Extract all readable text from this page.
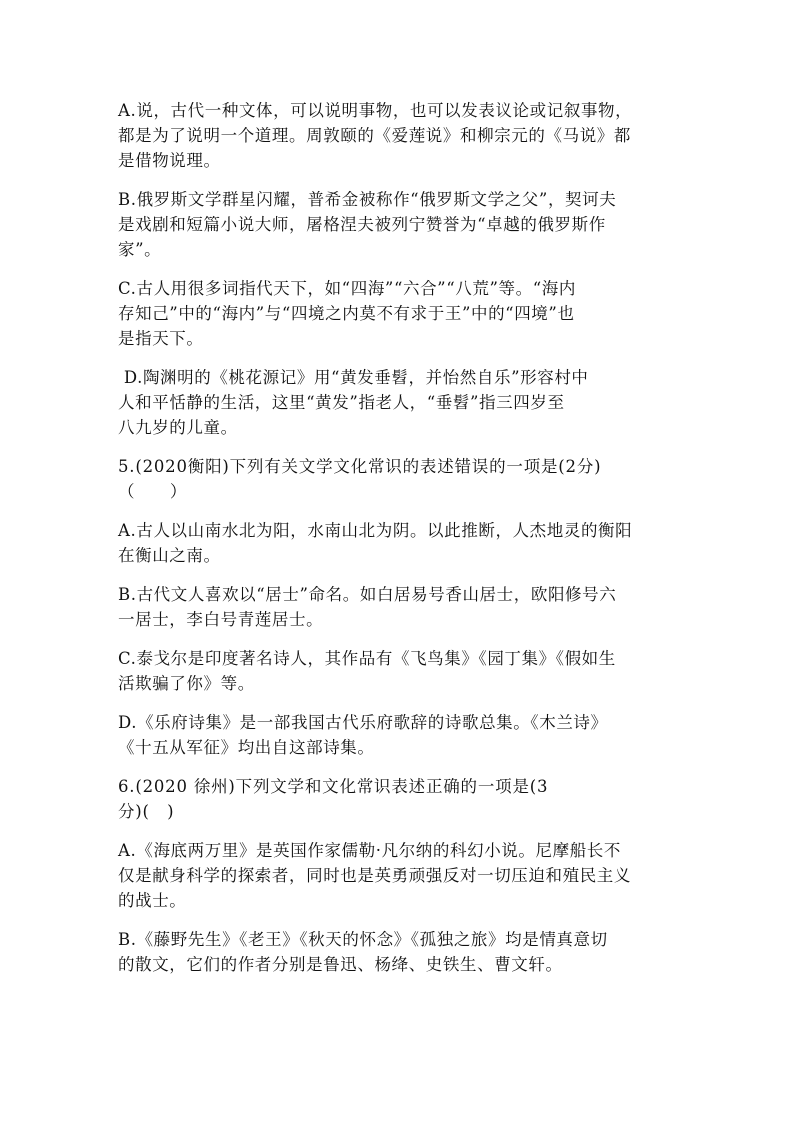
A.说，古代一种文体，可以说明事物，也可以发表议论或记叙事物，
都是为了说明一个道理。周敦颐的《爱莲说》和柳宗元的《马说》都
是借物说理。
B.俄罗斯文学群星闪耀，普希金被称作“俄罗斯文学之父”，契诃夫
是戏剧和短篇小说大师，屠格涅夫被列宁赞誉为“卓越的俄罗斯作
家”。
C.古人用很多词指代天下，如“四海”“六合”“八荒”等。“海内
存知己”中的“海内”与“四境之内莫不有求于王”中的“四境”也
是指天下。
D.陶渊明的《桃花源记》用“黄发垂髫，并怡然自乐”形容村中
人和平恬静的生活，这里“黄发”指老人，“垂髫”指三四岁至
八九岁的儿童。
5.(2020衡阳)下列有关文学文化常识的表述错误的一项是(2分)
（　　）
A.古人以山南水北为阳，水南山北为阴。以此推断，人杰地灵的衡阳
在衡山之南。
B.古代文人喜欢以“居士”命名。如白居易号香山居士，欧阳修号六
一居士，李白号青莲居士。
C.泰戈尔是印度著名诗人，其作品有《飞鸟集》《园丁集》《假如生
活欺骗了你》等。
D.《乐府诗集》是一部我国古代乐府歌辞的诗歌总集。《木兰诗》
《十五从军征》均出自这部诗集。
6.(2020 徐州)下列文学和文化常识表述正确的一项是(3
分)(　)
A.《海底两万里》是英国作家儒勒·凡尔纳的科幻小说。尼摩船长不
仅是献身科学的探索者，同时也是英勇顽强反对一切压迫和殖民主义
的战士。
B.《藤野先生》《老王》《秋天的怀念》《孤独之旅》均是情真意切
的散文，它们的作者分别是鲁迅、杨绛、史铁生、曹文轩。
